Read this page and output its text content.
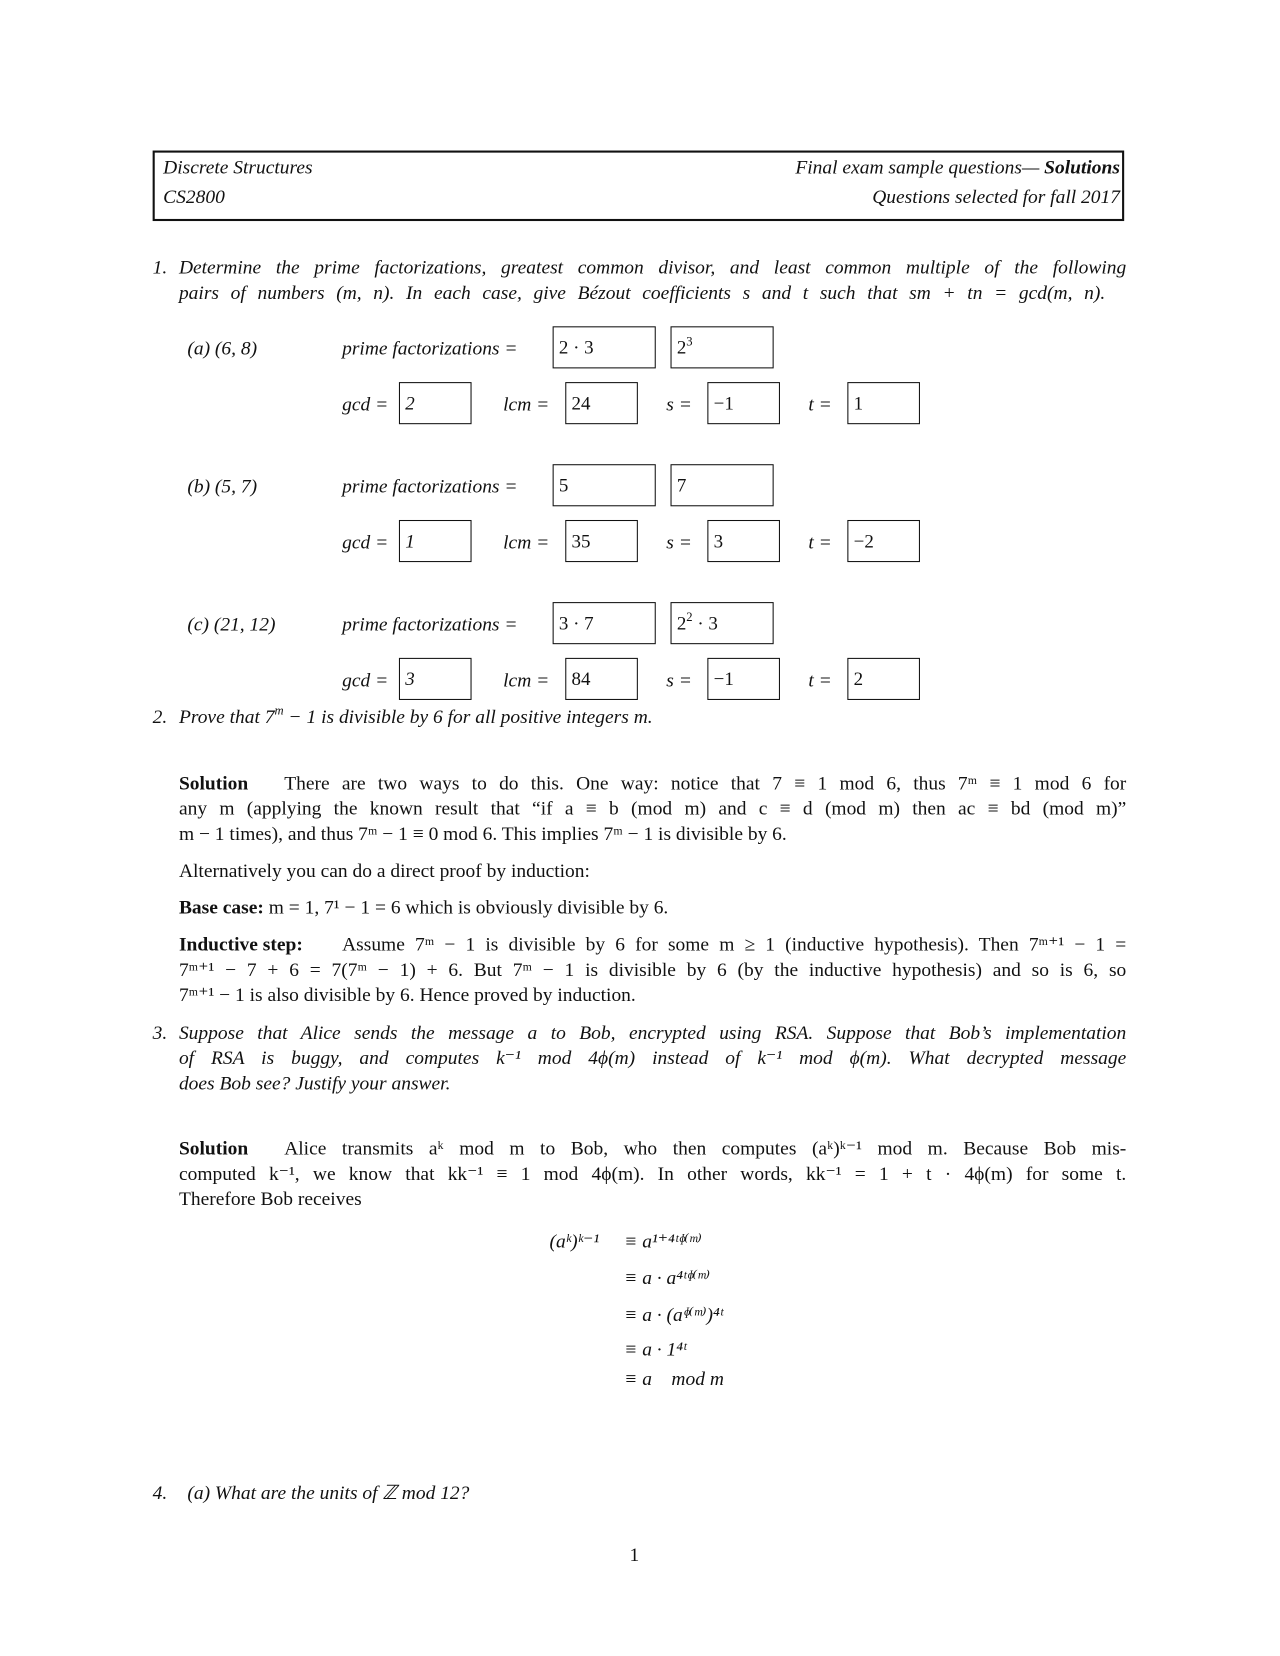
Discrete Structures
CS2800
Final exam sample questions— Solutions
Questions selected for fall 2017
1. Determine the prime factorizations, greatest common divisor, and least common multiple of the following
pairs of numbers (m, n). In each case, give Bézout coefficients s and t such that sm + tn = gcd(m, n).
(a) (6, 8)	prime factorizations =	2 · 3	$2^3$
gcd = 2	lcm =	24	s =	−1	t =	1
(b) (5, 7)	prime factorizations =	5	7
gcd = 1	lcm =	35	s =	3	t =	−2
(c) (21, 12)	prime factorizations =	3 · 7	$2^2 \cdot 3$
gcd = 3	lcm =	84	s =	−1	t =	2
2. Prove that $7^m - 1$ is divisible by 6 for all positive integers m.
Solution There are two ways to do this. One way: notice that 7 ≡ 1 mod 6, thus 7ᵐ ≡ 1 mod 6 for
any m (applying the known result that “if a ≡ b (mod m) and c ≡ d (mod m) then ac ≡ bd (mod m)”
m − 1 times), and thus 7ᵐ − 1 ≡ 0 mod 6. This implies 7ᵐ − 1 is divisible by 6.
Alternatively you can do a direct proof by induction:
Base case: m = 1, 7¹ − 1 = 6 which is obviously divisible by 6.
Inductive step: Assume 7ᵐ − 1 is divisible by 6 for some m ≥ 1 (inductive hypothesis). Then 7ᵐ⁺¹ − 1 =
7ᵐ⁺¹ − 7 + 6 = 7(7ᵐ − 1) + 6. But 7ᵐ − 1 is divisible by 6 (by the inductive hypothesis) and so is 6, so
7ᵐ⁺¹ − 1 is also divisible by 6. Hence proved by induction.
3. Suppose that Alice sends the message a to Bob, encrypted using RSA. Suppose that Bob’s implementation
of RSA is buggy, and computes k⁻¹ mod 4ϕ(m) instead of k⁻¹ mod ϕ(m). What decrypted message
does Bob see? Justify your answer.
Solution Alice transmits aᵏ mod m to Bob, who then computes (aᵏ)ᵏ⁻¹ mod m. Because Bob mis-
computed k⁻¹, we know that kk⁻¹ ≡ 1 mod 4ϕ(m). In other words, kk⁻¹ = 1 + t · 4ϕ(m) for some t.
Therefore Bob receives
(aᵏ)ᵏ⁻¹ ≡ a¹⁺⁴ᵗᶲ⁽ᵐ⁾
≡ a · a⁴ᵗᶲ⁽ᵐ⁾
≡ a · (aᶲ⁽ᵐ⁾)⁴ᵗ
≡ a · 1⁴ᵗ
≡ a    mod m
4. (a) What are the units of ℤ mod 12?
1
